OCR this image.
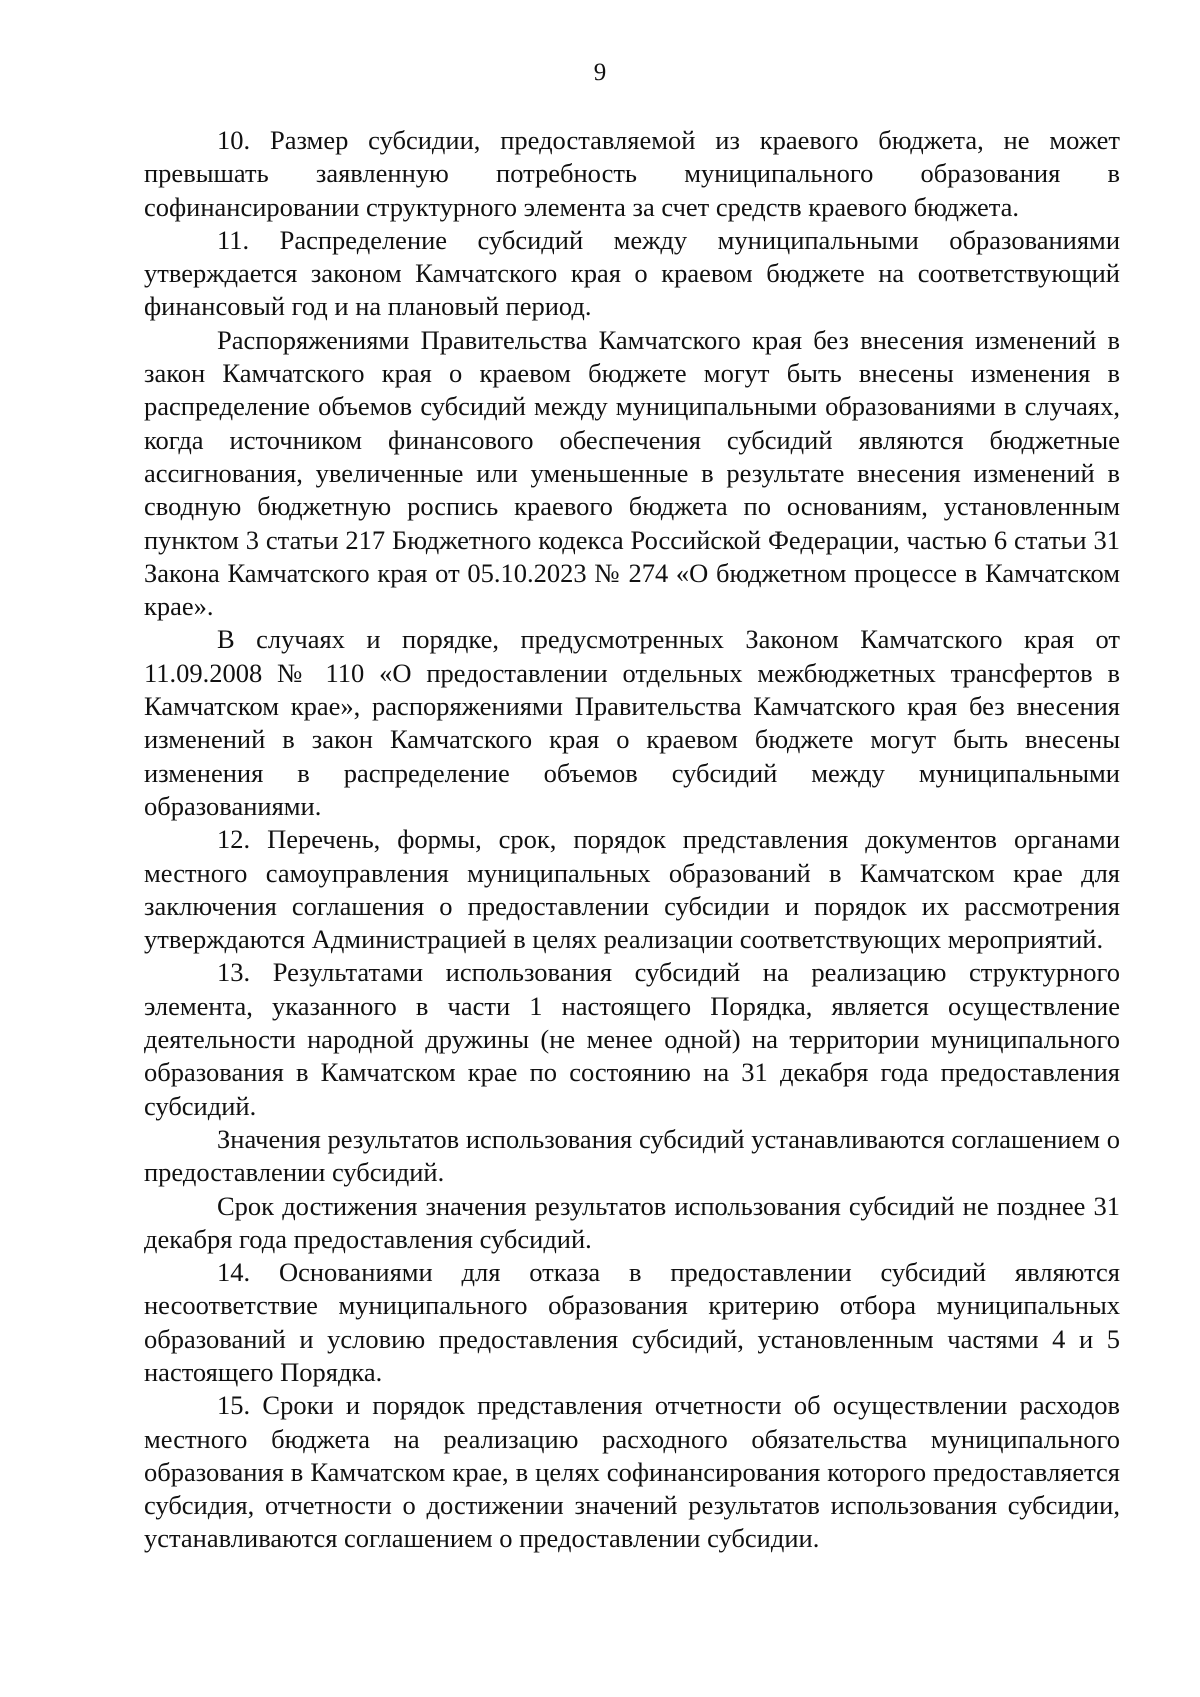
9

10. Размер субсидии, предоставляемой из краевого бюджета, не может превышать заявленную потребность муниципального образования в софинансировании структурного элемента за счет средств краевого бюджета.

11. Распределение субсидий между муниципальными образованиями утверждается законом Камчатского края о краевом бюджете на соответствующий финансовый год и на плановый период.

Распоряжениями Правительства Камчатского края без внесения изменений в закон Камчатского края о краевом бюджете могут быть внесены изменения в распределение объемов субсидий между муниципальными образованиями в случаях, когда источником финансового обеспечения субсидий являются бюджетные ассигнования, увеличенные или уменьшенные в результате внесения изменений в сводную бюджетную роспись краевого бюджета по основаниям, установленным пунктом 3 статьи 217 Бюджетного кодекса Российской Федерации, частью 6 статьи 31 Закона Камчатского края от 05.10.2023 № 274 «О бюджетном процессе в Камчатском крае».

В случаях и порядке, предусмотренных Законом Камчатского края от 11.09.2008 № 110 «О предоставлении отдельных межбюджетных трансфертов в Камчатском крае», распоряжениями Правительства Камчатского края без внесения изменений в закон Камчатского края о краевом бюджете могут быть внесены изменения в распределение объемов субсидий между муниципальными образованиями.

12. Перечень, формы, срок, порядок представления документов органами местного самоуправления муниципальных образований в Камчатском крае для заключения соглашения о предоставлении субсидии и порядок их рассмотрения утверждаются Администрацией в целях реализации соответствующих мероприятий.

13. Результатами использования субсидий на реализацию структурного элемента, указанного в части 1 настоящего Порядка, является осуществление деятельности народной дружины (не менее одной) на территории муниципального образования в Камчатском крае по состоянию на 31 декабря года предоставления субсидий.

Значения результатов использования субсидий устанавливаются соглашением о предоставлении субсидий.

Срок достижения значения результатов использования субсидий не позднее 31 декабря года предоставления субсидий.

14. Основаниями для отказа в предоставлении субсидий являются несоответствие муниципального образования критерию отбора муниципальных образований и условию предоставления субсидий, установленным частями 4 и 5 настоящего Порядка.

15. Сроки и порядок представления отчетности об осуществлении расходов местного бюджета на реализацию расходного обязательства муниципального образования в Камчатском крае, в целях софинансирования которого предоставляется субсидия, отчетности о достижении значений результатов использования субсидии, устанавливаются соглашением о предоставлении субсидии.
